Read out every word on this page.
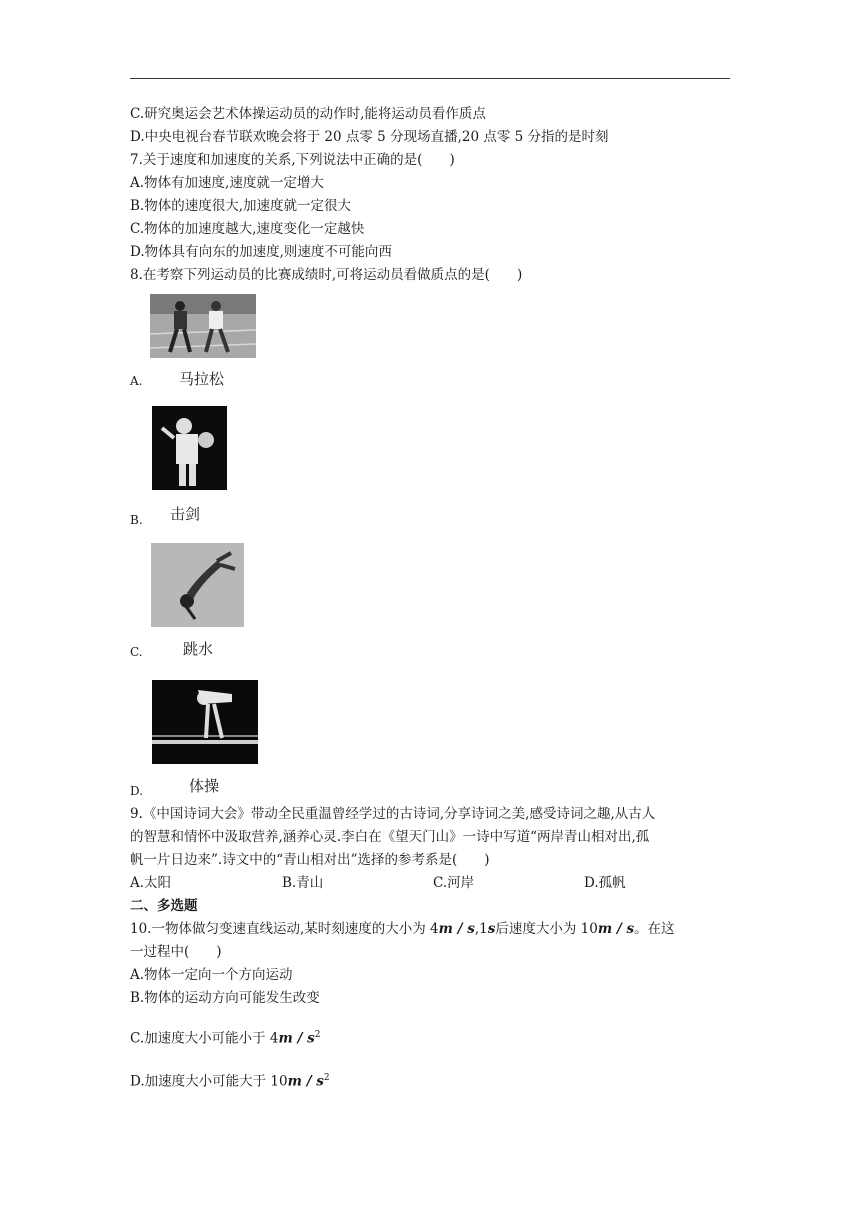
C.研究奥运会艺术体操运动员的动作时,能将运动员看作质点
D.中央电视台春节联欢晚会将于 20 点零 5 分现场直播,20 点零 5 分指的是时刻
7.关于速度和加速度的关系,下列说法中正确的是(　　)
A.物体有加速度,速度就一定增大
B.物体的速度很大,加速度就一定很大
C.物体的加速度越大,速度变化一定越快
D.物体具有向东的加速度,则速度不可能向西
8.在考察下列运动员的比赛成绩时,可将运动员看做质点的是(　　)
A. 马拉松
B. 击剑
C.	跳水
D.	体操
9.《中国诗词大会》带动全民重温曾经学过的古诗词,分享诗词之美,感受诗词之趣,从古人
的智慧和情怀中汲取营养,涵养心灵.李白在《望天门山》一诗中写道“两岸青山相对出,孤
帆一片日边来”.诗文中的“青山相对出”选择的参考系是(　　)
A.太阳	B.青山	C.河岸	D.孤帆
二、多选题
10.一物体做匀变速直线运动,某时刻速度的大小为 4m / s,1s后速度大小为 10m / s。在这
一过程中(　　)
A.物体一定向一个方向运动
B.物体的运动方向可能发生改变
C.加速度大小可能小于 $4m / s^2$
D.加速度大小可能大于 $10m / s^2$
